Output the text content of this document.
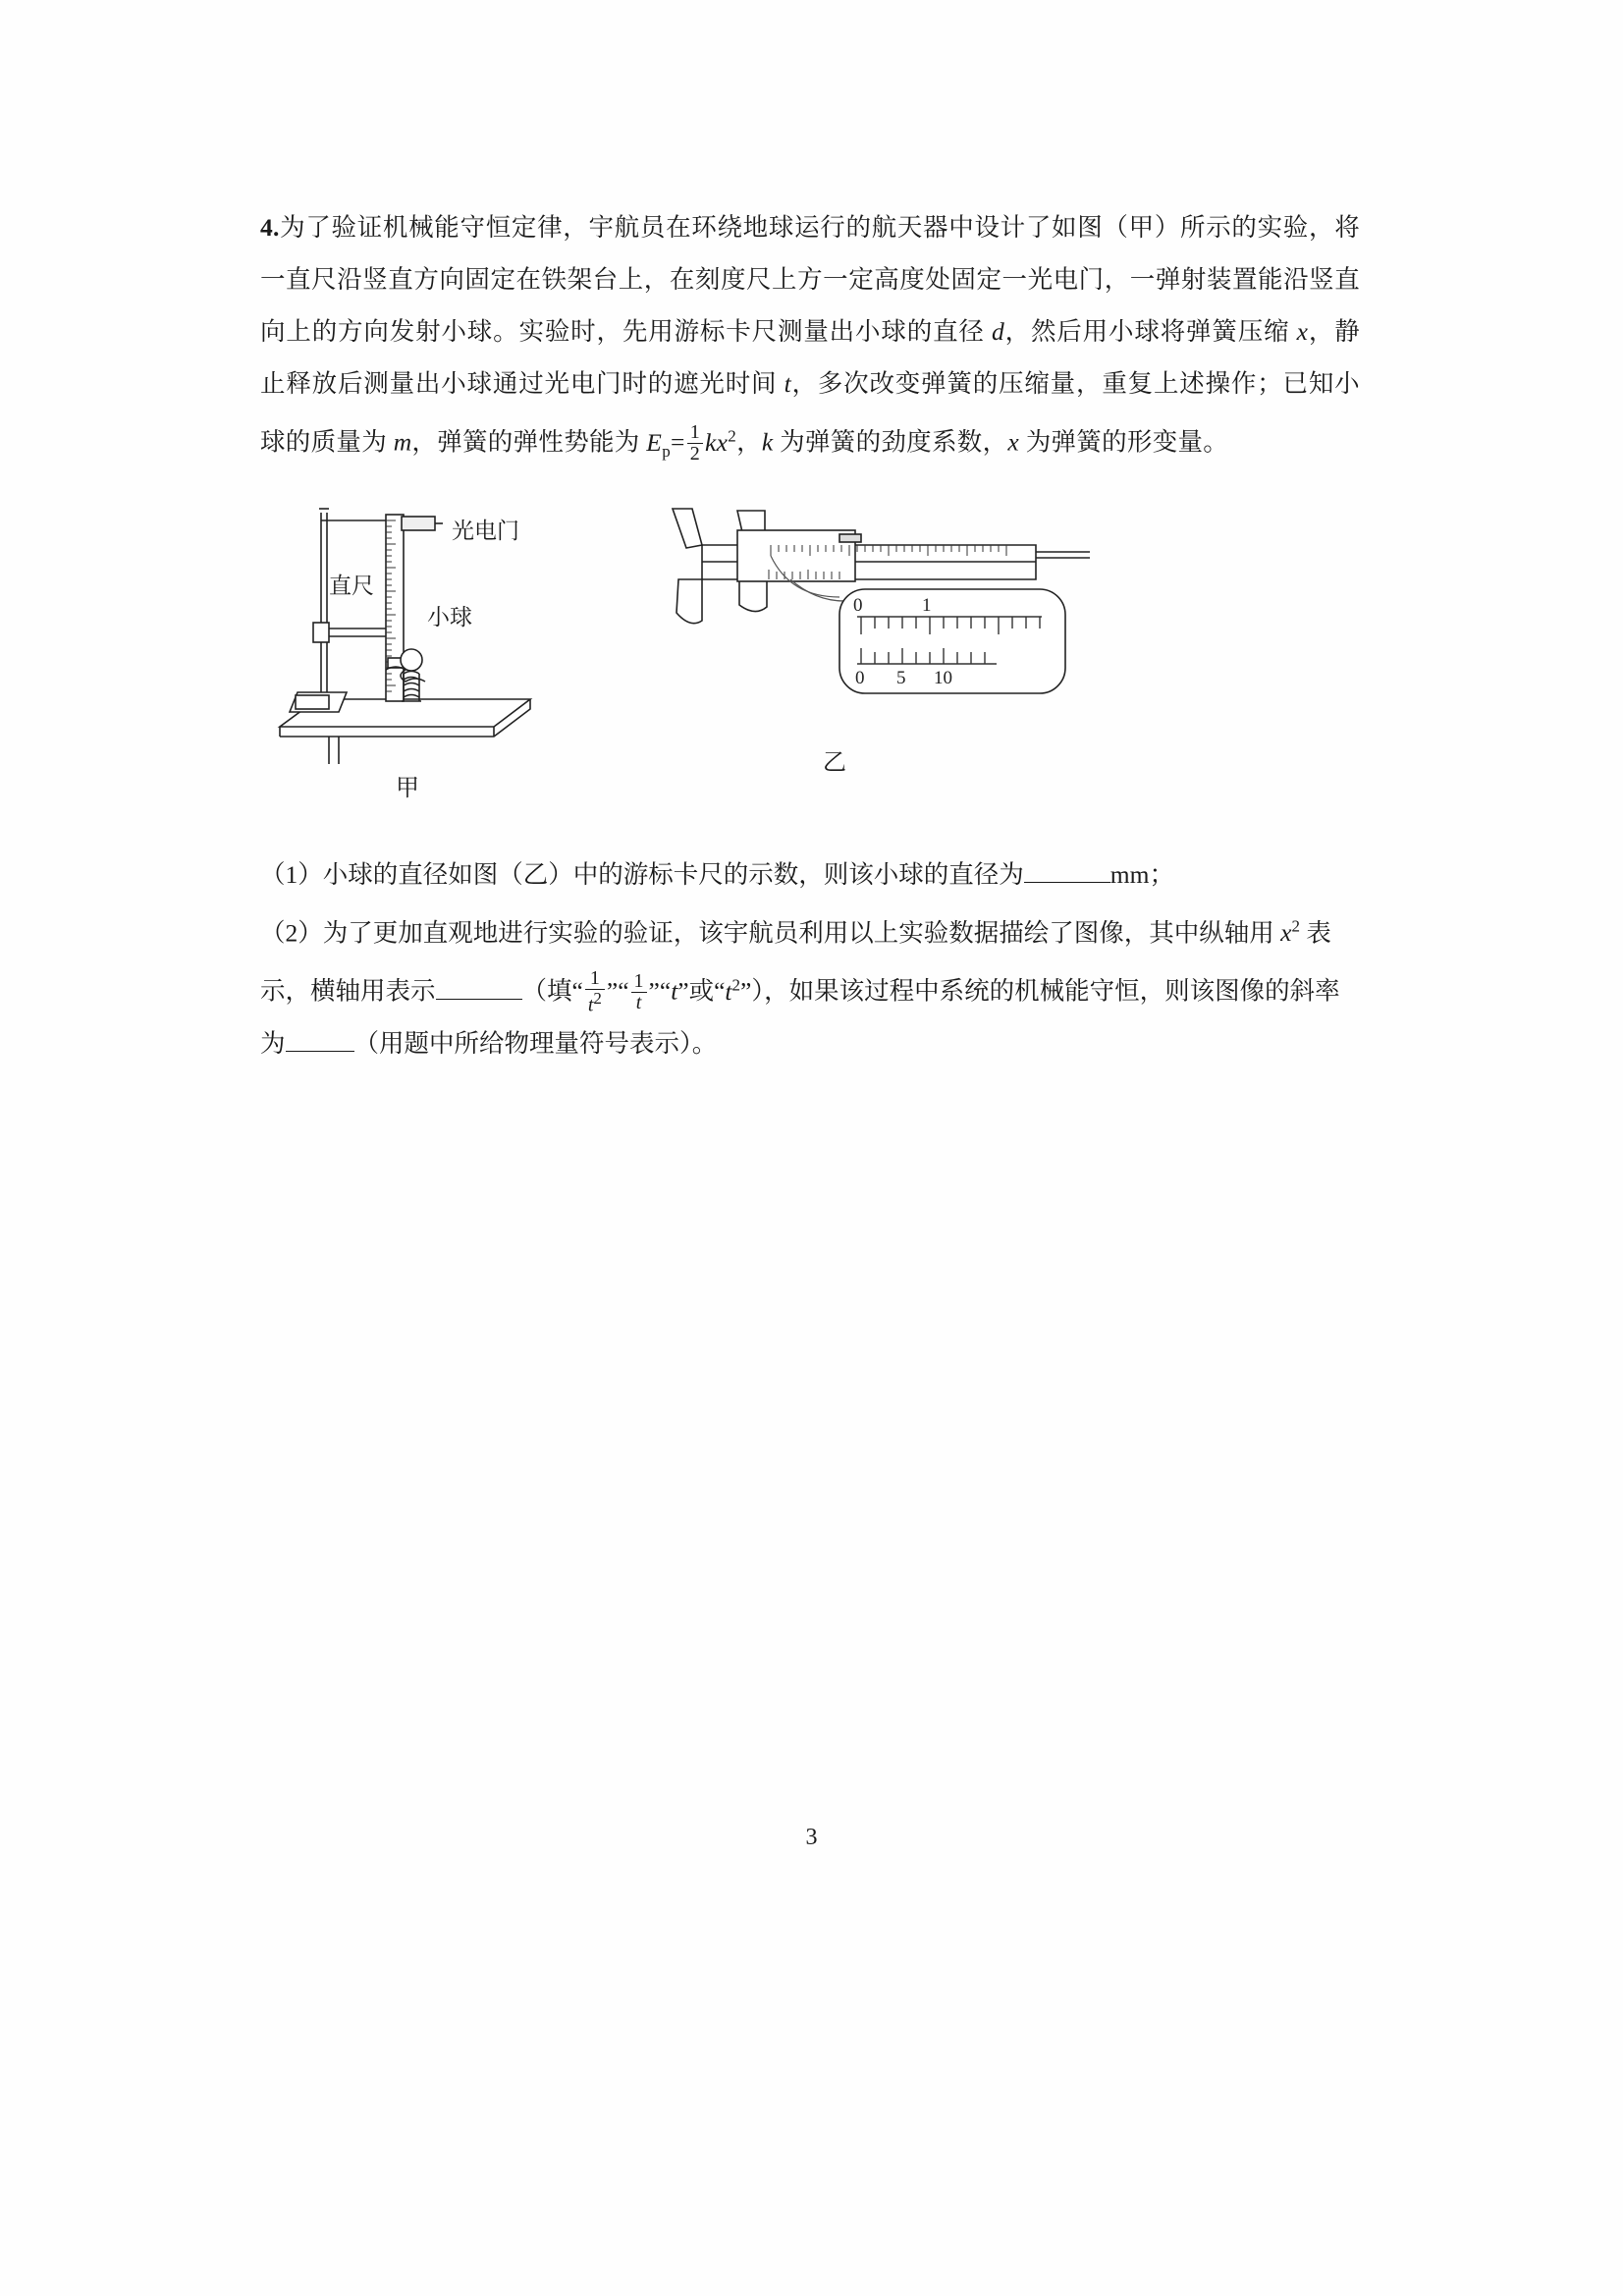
4.为了验证机械能守恒定律，宇航员在环绕地球运行的航天器中设计了如图（甲）所示的实验，将一直尺沿竖直方向固定在铁架台上，在刻度尺上方一定高度处固定一光电门，一弹射装置能沿竖直向上的方向发射小球。实验时，先用游标卡尺测量出小球的直径 d，然后用小球将弹簧压缩 x，静止释放后测量出小球通过光电门时的遮光时间 t，多次改变弹簧的压缩量，重复上述操作；已知小球的质量为 m，弹簧的弹性势能为 $E_p= \frac{1}{2} kx^2$，k 为弹簧的劲度系数，x 为弹簧的形变量。
光电门
直尺
小球
甲
0	1
0 5 10
乙
（1）小球的直径如图（乙）中的游标卡尺的示数，则该小球的直径为	mm；
（2）为了更加直观地进行实验的验证，该宇航员利用以上实验数据描绘了图像，其中纵轴用 $x^2$ 表示，横轴用表示	（填“ $\frac{1}{t^2}$ ”“ $\frac{1}{t}$ ”“t”或“$t^2$”），如果该过程中系统的机械能守恒，则该图像的斜率为	（用题中所给物理量符号表示）。
3
